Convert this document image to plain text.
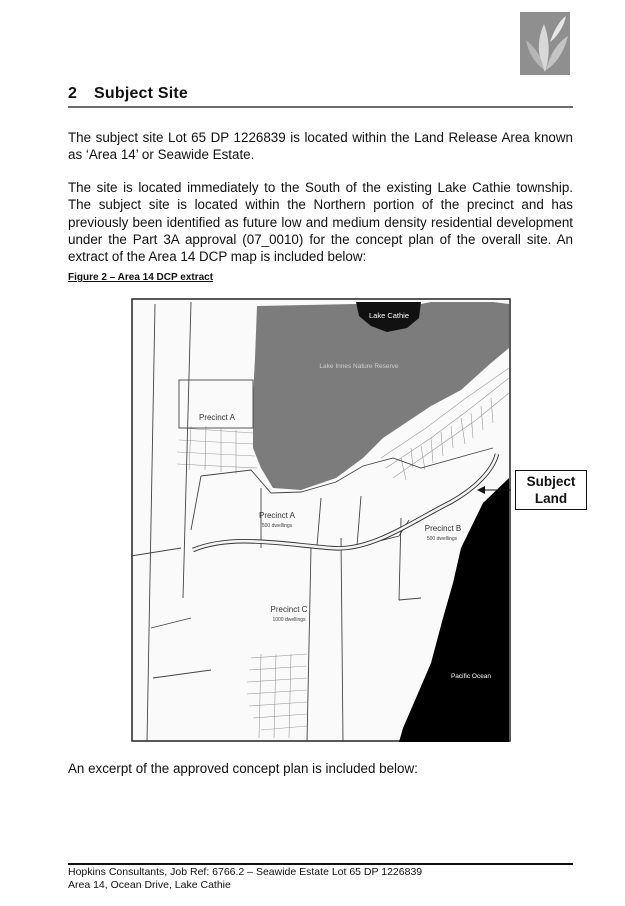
2 Subject Site

The subject site Lot 65 DP 1226839 is located within the Land Release Area known as ‘Area 14’ or Seawide Estate.

The site is located immediately to the South of the existing Lake Cathie township. The subject site is located within the Northern portion of the precinct and has previously been identified as future low and medium density residential development under the Part 3A approval (07_0010) for the concept plan of the overall site. An extract of the Area 14 DCP map is included below:

Figure 2 – Area 14 DCP extract
Lake Cathie
Lake Innes Nature Reserve
Precinct A
Precinct A
500 dwellings	Precinct B
500 dwellings
Precinct C
1000 dwellings
Pacific Ocean
Subject
Land
An excerpt of the approved concept plan is included below:
Hopkins Consultants, Job Ref: 6766.2 – Seawide Estate Lot 65 DP 1226839
Area 14, Ocean Drive, Lake Cathie
